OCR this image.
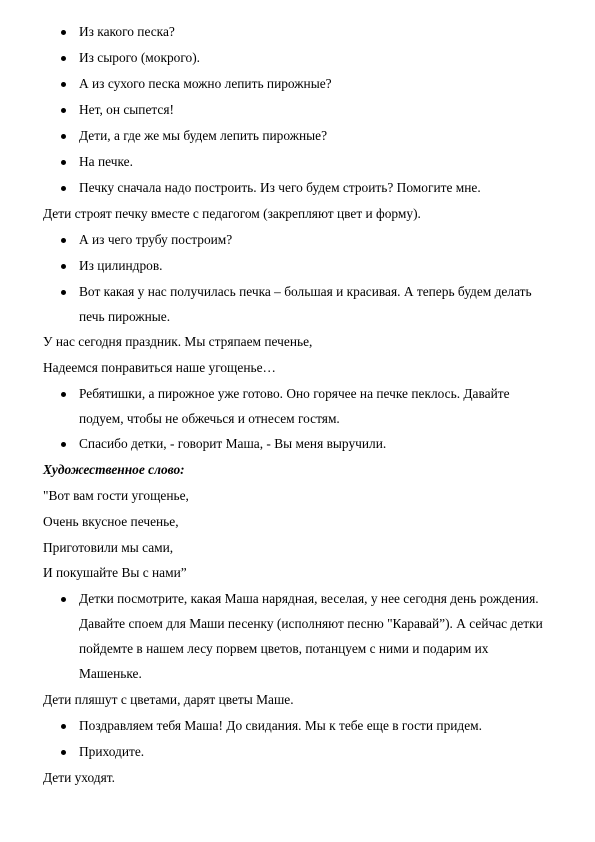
Из какого песка?
Из сырого (мокрого).
А из сухого песка можно лепить пирожные?
Нет, он сыпется!
Дети, а где же мы будем лепить пирожные?
На печке.
Печку сначала надо построить. Из чего будем строить? Помогите мне.
Дети строят печку вместе с педагогом (закрепляют цвет и форму).
А из чего трубу построим?
Из цилиндров.
Вот какая у нас получилась печка – большая и красивая. А теперь будем делать
печь пирожные.
У нас сегодня праздник. Мы стряпаем печенье,
Надеемся понравиться наше угощенье…
Ребятишки, а пирожное уже готово. Оно горячее на печке пеклось. Давайте
подуем, чтобы не обжечься и отнесем гостям.
Спасибо детки, - говорит Маша, - Вы меня выручили.
Художественное слово:
"Вот вам гости угощенье,
Очень вкусное печенье,
Приготовили мы сами,
И покушайте Вы с нами”
Детки посмотрите, какая Маша нарядная, веселая, у нее сегодня день рождения.
Давайте споем для Маши песенку (исполняют песню "Каравай”). А сейчас детки
пойдемте в нашем лесу порвем цветов, потанцуем с ними и подарим их
Машеньке.
Дети пляшут с цветами, дарят цветы Маше.
Поздравляем тебя Маша! До свидания. Мы к тебе еще в гости придем.
Приходите.
Дети уходят.
